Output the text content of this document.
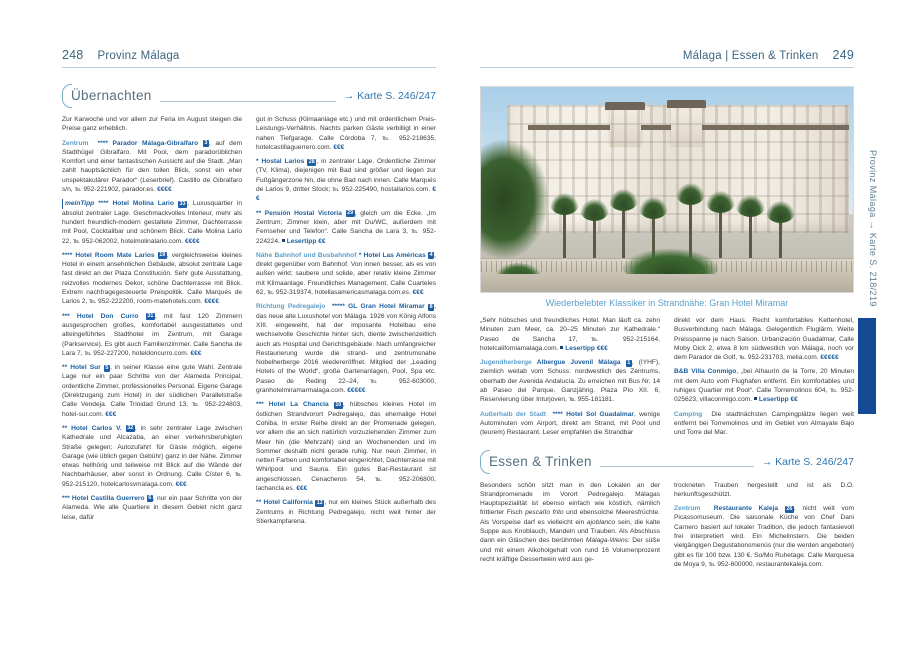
248 Provinz Málaga
Übernachten	→ Karte S. 246/247

Zur Karwoche und vor allem zur Feria im August steigen die Preise ganz erheblich.

Zentrum **** Parador Málaga-Gibralfaro 3 , auf dem Stadthügel Gibralfaro. Mit Pool, dem paradorüblichen Komfort und einer fantastischen Aussicht auf die Stadt. „Man zahlt hauptsächlich für den tollen Blick, sonst ein eher unspektakulärer Parador“ (Leserbrief). Castillo de Gibralfaro s/n, ℡ 952-221902, parador.es. €€€€

meinTipp **** Hotel Molina Lario 33 , Luxusquartier in absolut zentraler Lage. Geschmackvolles Interieur, mehr als hundert freundlich-modern gestaltete Zimmer, Dachterrasse mit Pool, Cocktailbar und schönem Blick. Calle Molina Lario 22, ℡ 952-062002, hotelmolinalario.com. €€€€

**** Hotel Room Mate Larios 19 , vergleichsweise kleines Hotel in einem ansehnlichen Gebäude, absolut zentrale Lage fast direkt an der Plaza Constitución. Sehr gute Ausstattung, reizvolles modernes Dekor, schöne Dachterrasse mit Blick. Extrem nachfragegesteuerte Preispolitik. Calle Marqués de Larios 2, ℡ 952-222200, room-matehotels.com. €€€€

*** Hotel Don Curro 31 , mit fast 120 Zimmern ausgesprochen großes, komfortabel ausgestattetes und alteingeführtes Stadthotel im Zentrum, mit Garage (Parkservice). Es gibt auch Familienzimmer. Calle Sancha de Lara 7, ℡ 952-227200, hoteldoncurro.com. €€€

** Hotel Sur 5 , in seiner Klasse eine gute Wahl. Zentrale Lage nur ein paar Schritte von der Alameda Principal, ordentliche Zimmer, professionelles Personal. Eigene Garage (Direktzugang zum Hotel) in der südlichen Parallelstraße Calle Vendeja. Calle Trinidad Grund 13, ℡ 952-224803, hotel-sur.com. €€€

** Hotel Carlos V. 32 , in sehr zentraler Lage zwischen Kathedrale und Alcazaba, an einer verkehrsberuhigten Straße gelegen; Autozufahrt für Gäste möglich, eigene Garage (wie üblich gegen Gebühr) ganz in der Nähe. Zimmer etwas hellhörig und teilweise mit Blick auf die Wände der Nachbarhäuser, aber sonst in Ordnung. Calle Císter 6, ℡ 952-215120, hotelcarlosvmalaga.com. €€€

*** Hotel Castilla Guerrero 6 , nur ein paar Schritte von der Alameda. Wie alle Quartiere in diesem Gebiet nicht ganz leise, dafür

gut in Schuss (Klimaanlage etc.) und mit ordentlichem Preis-Leistungs-Verhältnis. Nachts parken Gäste verbilligt in einer nahen Tiefgarage. Calle Córdoba 7, ℡ 952-218635, hotelcastillaguerrero.com. €€€

* Hostal Larios 28 , in zentraler Lage. Ordentliche Zimmer (TV, Klima), diejenigen mit Bad sind größer und liegen zur Fußgängerzone hin, die ohne Bad nach innen. Calle Marqués de Larios 9, dritter Stock; ℡ 952-225490, hostallarios.com. €€

** Pensión Hostal Victoria 29 , gleich um die Ecke. „Im Zentrum; Zimmer klein, aber mit Du/WC, außerdem mit Fernseher und Telefon“. Calle Sancha de Lara 3, ℡ 952-224224. Lesertipp €€

Nähe Bahnhof und Busbahnhof * Hotel Las Américas 4 , direkt gegenüber vom Bahnhof. Von innen besser, als es von außen wirkt; saubere und solide, aber relativ kleine Zimmer mit Klimaanlage. Freundliches Management. Calle Cuarteles 62, ℡ 952-319374, hotellasamericasmalaga.com.es. €€€

Richtung Pedregalejo ***** GL Gran Hotel Miramar 8 , das neue alte Luxushotel von Málaga. 1926 von König Alfons XIII. eingeweiht, hat der imposante Hotelbau eine wechselvolle Geschichte hinter sich, diente zwischenzeitlich auch als Hospital und Gerichtsgebäude. Nach umfangreicher Restaurierung wurde die strand- und zentrumsnahe Nobelherberge 2016 wiedereröffnet. Mitglied der „Leading Hotels of the World“, große Gartenanlagen, Pool, Spa etc. Paseo de Reding 22–24, ℡ 952-603000, granhotelmiramarmalaga.com. €€€€€

*** Hotel La Chancla 10 , hübsches kleines Hotel im östlichen Strandvorort Pedregalejo, das ehemalige Hotel Cohiba. In erster Reihe direkt an der Promenade gelegen, vor allem die an sich natürlich vorzuziehenden Zimmer zum Meer hin (die Mehrzahl) sind an Wochenenden und im Sommer deshalb nicht gerade ruhig. Nur neun Zimmer, in netten Farben und komfortabel eingerichtet, Dachterrasse mit Whirlpool und Sauna. Ein gutes Bar-Restaurant ist angeschlossen. Cenacheros 54, ℡ 952-206800, lachancla.es. €€€

** Hotel California 12 , nur ein kleines Stück außerhalb des Zentrums in Richtung Pedregalejo, nicht weit hinter der Stierkampfarena.

Málaga | Essen & Trinken 249
Wiederbelebter Klassiker in Strandnähe: Gran Hotel Miramar

„Sehr hübsches und freundliches Hotel. Man läuft ca. zehn Minuten zum Meer, ca. 20–25 Minuten zur Kathedrale.“ Paseo de Sancha 17, ℡ 952-215164, hotelcaliforniamalaga.com. Lesertipp €€€

Jugendherberge Albergue Juvenil Málaga 1 , (IYHF), ziemlich weitab vom Schuss: nordwestlich des Zentrums, oberhalb der Avenida Andalucía. Zu erreichen mit Bus Nr. 14 ab Paseo del Parque. Ganzjährig. Plaza Pío XII. 6, Reservierung über Inturjoven, ℡ 955-181181.

Außerhalb der Stadt **** Hotel Sol Guadalmar, wenige Autominuten vom Airport, direkt am Strand, mit Pool und (teurem) Restaurant. Leser empfahlen die Strandbar

direkt vor dem Haus. Recht komfortables Kettenhotel, Busverbindung nach Málaga. Gelegentlich Fluglärm. Weite Preisspanne je nach Saison. Urbanización Guadalmar, Calle Moby Dick 2, etwa 8 km südwestlich von Málaga, noch vor dem Parador de Golf, ℡ 952-231703, melia.com. €€€€€

B&B Villa Conmigo, „bei Alhaurín de la Torre, 20 Minuten mit dem Auto vom Flughafen entfernt. Ein komfortables und ruhiges Quartier mit Pool“. Calle Torremolinos 604, ℡ 952-025623, villaconmigo.com. Lesertipp €€

Camping Die stadtnächsten Campingplätze liegen weit entfernt bei Torremolinos und im Gebiet von Almayate Bajo und Torre del Mar.

Essen & Trinken	→ Karte S. 246/247

Besonders schön sitzt man in den Lokalen an der Strandpromenade im Vorort Pedregalejo. Málagas Hauptspezialität ist ebenso einfach wie köstlich, nämlich frittierter Fisch pescaíto frito und ebensolche Meeresfrüchte. Als Vorspeise darf es vielleicht ein ajoblanco sein, die kalte Suppe aus Knoblauch, Mandeln und Trauben. Als Abschluss dann ein Gläschen des berühmten Málaga-Weins: Der süße und mit einem Alkoholgehalt von rund 16 Volumenprozent recht kräftige Dessertwein wird aus ge-

trockneten Trauben hergestellt und ist als D.O. herkunftsgeschützt.

Zentrum Restaurante Kaleja 26 , nicht weit vom Picassomuseum. Die saisonale Küche von Chef Dani Carnero basiert auf lokaler Tradition, die jedoch fantasievoll frei interpretiert wird. Ein Michelinstern. Die beiden vielgängigen Degustationsmenüs (nur die werden angeboten) gibt es für 100 bzw. 130 €. So/Mo Ruhetage. Calle Marquesa de Moya 9, ℡ 952-600000, restaurantekaleja.com.

Provinz Málaga → Karte S. 218/219
